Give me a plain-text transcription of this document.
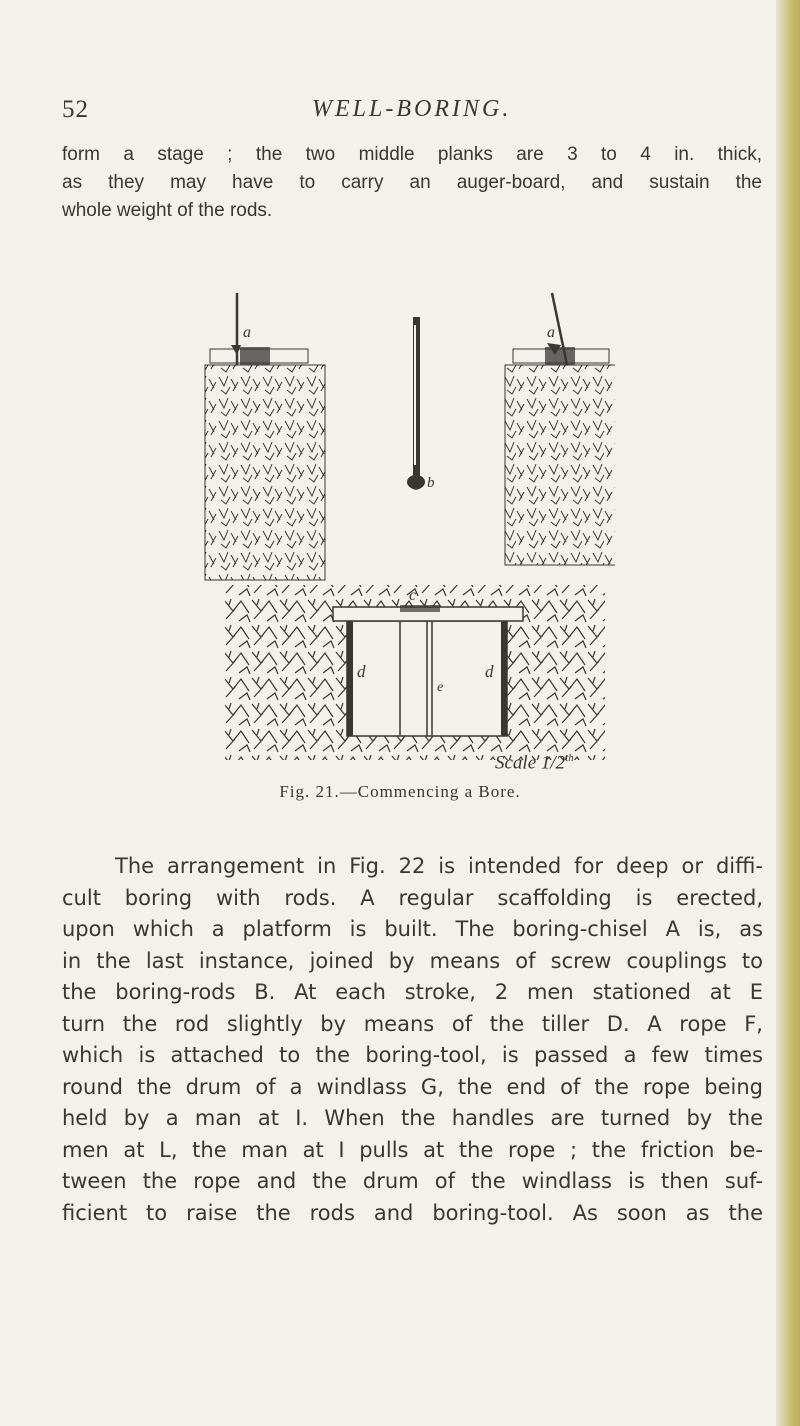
52	WELL-BORING.

form a stage ; the two middle planks are 3 to 4 in. thick,
as they may have to carry an auger-board, and sustain the
whole weight of the rods.

a	a
b
c
d	d
e
Scale 1/2th
Fig. 21.—Commencing a Bore.

The arrangement in Fig. 22 is intended for deep or diffi-
cult boring with rods. A regular scaffolding is erected,
upon which a platform is built. The boring-chisel A is, as
in the last instance, joined by means of screw couplings to
the boring-rods B. At each stroke, 2 men stationed at E
turn the rod slightly by means of the tiller D. A rope F,
which is attached to the boring-tool, is passed a few times
round the drum of a windlass G, the end of the rope being
held by a man at I. When the handles are turned by the
men at L, the man at I pulls at the rope ; the friction be-
tween the rope and the drum of the windlass is then suf-
ficient to raise the rods and boring-tool. As soon as the
